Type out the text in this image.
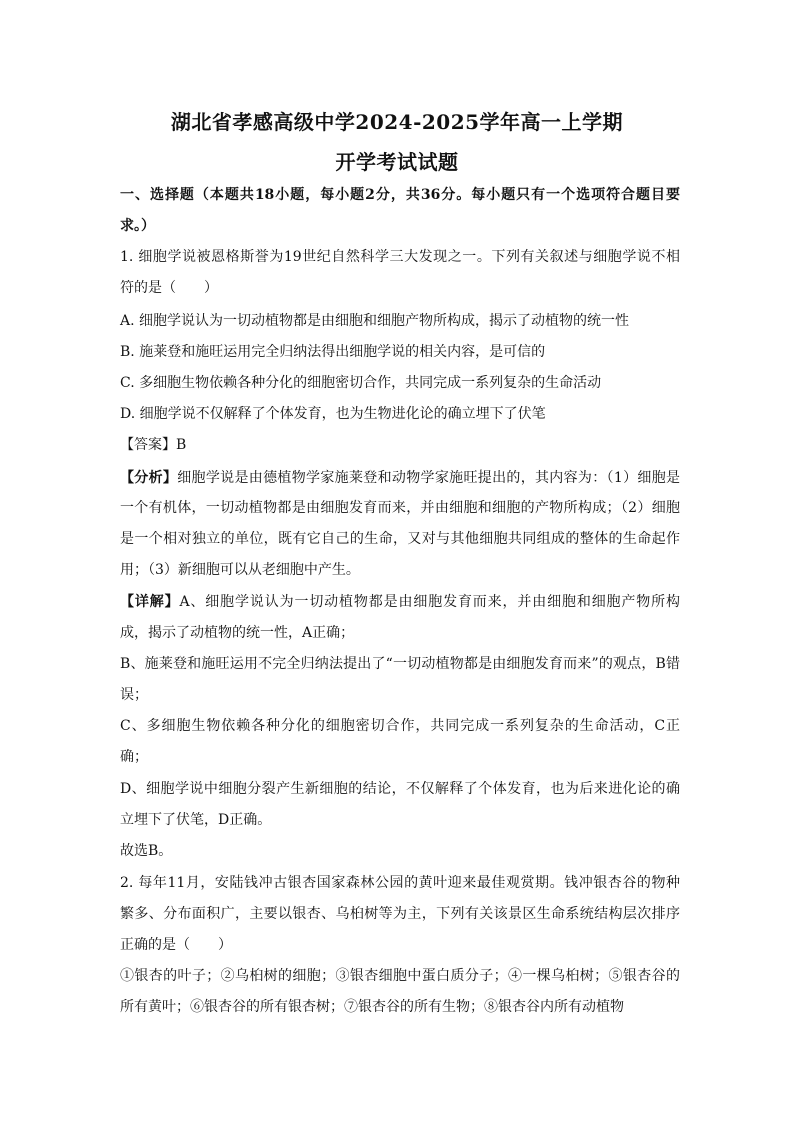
湖北省孝感高级中学2024-2025学年高一上学期
开学考试试题
一、选择题（本题共18小题，每小题2分，共36分。每小题只有一个选项符合题目要
求。）
1. 细胞学说被恩格斯誉为19世纪自然科学三大发现之一。下列有关叙述与细胞学说不相
符的是（　　）
A. 细胞学说认为一切动植物都是由细胞和细胞产物所构成，揭示了动植物的统一性
B. 施莱登和施旺运用完全归纳法得出细胞学说的相关内容，是可信的
C. 多细胞生物依赖各种分化的细胞密切合作，共同完成一系列复杂的生命活动
D. 细胞学说不仅解释了个体发育，也为生物进化论的确立埋下了伏笔
【答案】B
【分析】细胞学说是由德植物学家施莱登和动物学家施旺提出的，其内容为：（1）细胞是
一个有机体，一切动植物都是由细胞发育而来，并由细胞和细胞的产物所构成；（2）细胞
是一个相对独立的单位，既有它自己的生命，又对与其他细胞共同组成的整体的生命起作
用；（3）新细胞可以从老细胞中产生。
【详解】A、细胞学说认为一切动植物都是由细胞发育而来，并由细胞和细胞产物所构
成，揭示了动植物的统一性，A正确；
B、施莱登和施旺运用不完全归纳法提出了“一切动植物都是由细胞发育而来”的观点，B错
误；
C、多细胞生物依赖各种分化的细胞密切合作，共同完成一系列复杂的生命活动，C正
确；
D、细胞学说中细胞分裂产生新细胞的结论，不仅解释了个体发育，也为后来进化论的确
立埋下了伏笔，D正确。
故选B。
2. 每年11月，安陆钱冲古银杏国家森林公园的黄叶迎来最佳观赏期。钱冲银杏谷的物种
繁多、分布面积广，主要以银杏、乌桕树等为主，下列有关该景区生命系统结构层次排序
正确的是（　　）
①银杏的叶子；②乌桕树的细胞；③银杏细胞中蛋白质分子；④一棵乌桕树；⑤银杏谷的
所有黄叶；⑥银杏谷的所有银杏树；⑦银杏谷的所有生物；⑧银杏谷内所有动植物
